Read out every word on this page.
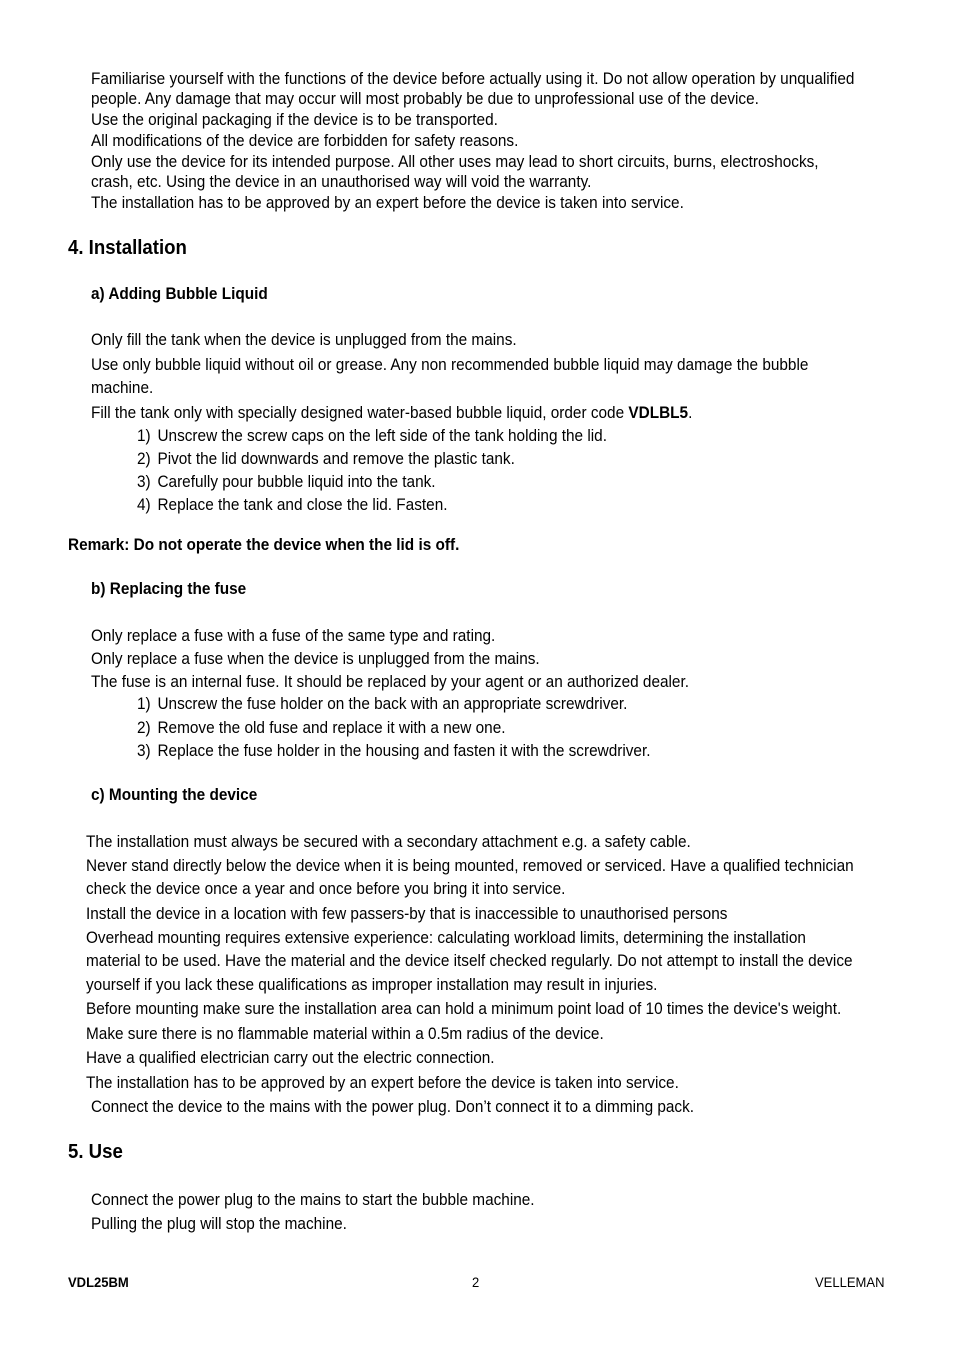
Familiarise yourself with the functions of the device before actually using it. Do not allow operation by unqualified
people. Any damage that may occur will most probably be due to unprofessional use of the device.
Use the original packaging if the device is to be transported.
All modifications of the device are forbidden for safety reasons.
Only use the device for its intended purpose. All other uses may lead to short circuits, burns, electroshocks,
crash, etc. Using the device in an unauthorised way will void the warranty.
The installation has to be approved by an expert before the device is taken into service.
4. Installation
a) Adding Bubble Liquid
Only fill the tank when the device is unplugged from the mains.
Use only bubble liquid without oil or grease. Any non recommended bubble liquid may damage the bubble
machine.
Fill the tank only with specially designed water-based bubble liquid, order code VDLBL5.
1) Unscrew the screw caps on the left side of the tank holding the lid.
2) Pivot the lid downwards and remove the plastic tank.
3) Carefully pour bubble liquid into the tank.
4) Replace the tank and close the lid. Fasten.
Remark: Do not operate the device when the lid is off.
b) Replacing the fuse
Only replace a fuse with a fuse of the same type and rating.
Only replace a fuse when the device is unplugged from the mains.
The fuse is an internal fuse. It should be replaced by your agent or an authorized dealer.
1) Unscrew the fuse holder on the back with an appropriate screwdriver.
2) Remove the old fuse and replace it with a new one.
3) Replace the fuse holder in the housing and fasten it with the screwdriver.
c) Mounting the device
The installation must always be secured with a secondary attachment e.g. a safety cable.
Never stand directly below the device when it is being mounted, removed or serviced. Have a qualified technician
check the device once a year and once before you bring it into service.
Install the device in a location with few passers-by that is inaccessible to unauthorised persons
Overhead mounting requires extensive experience: calculating workload limits, determining the installation
material to be used. Have the material and the device itself checked regularly. Do not attempt to install the device
yourself if you lack these qualifications as improper installation may result in injuries.
Before mounting make sure the installation area can hold a minimum point load of 10 times the device's weight.
Make sure there is no flammable material within a 0.5m radius of the device.
Have a qualified electrician carry out the electric connection.
The installation has to be approved by an expert before the device is taken into service.
Connect the device to the mains with the power plug. Don’t connect it to a dimming pack.
5. Use
Connect the power plug to the mains to start the bubble machine.
Pulling the plug will stop the machine.
VDL25BM	2	VELLEMAN
